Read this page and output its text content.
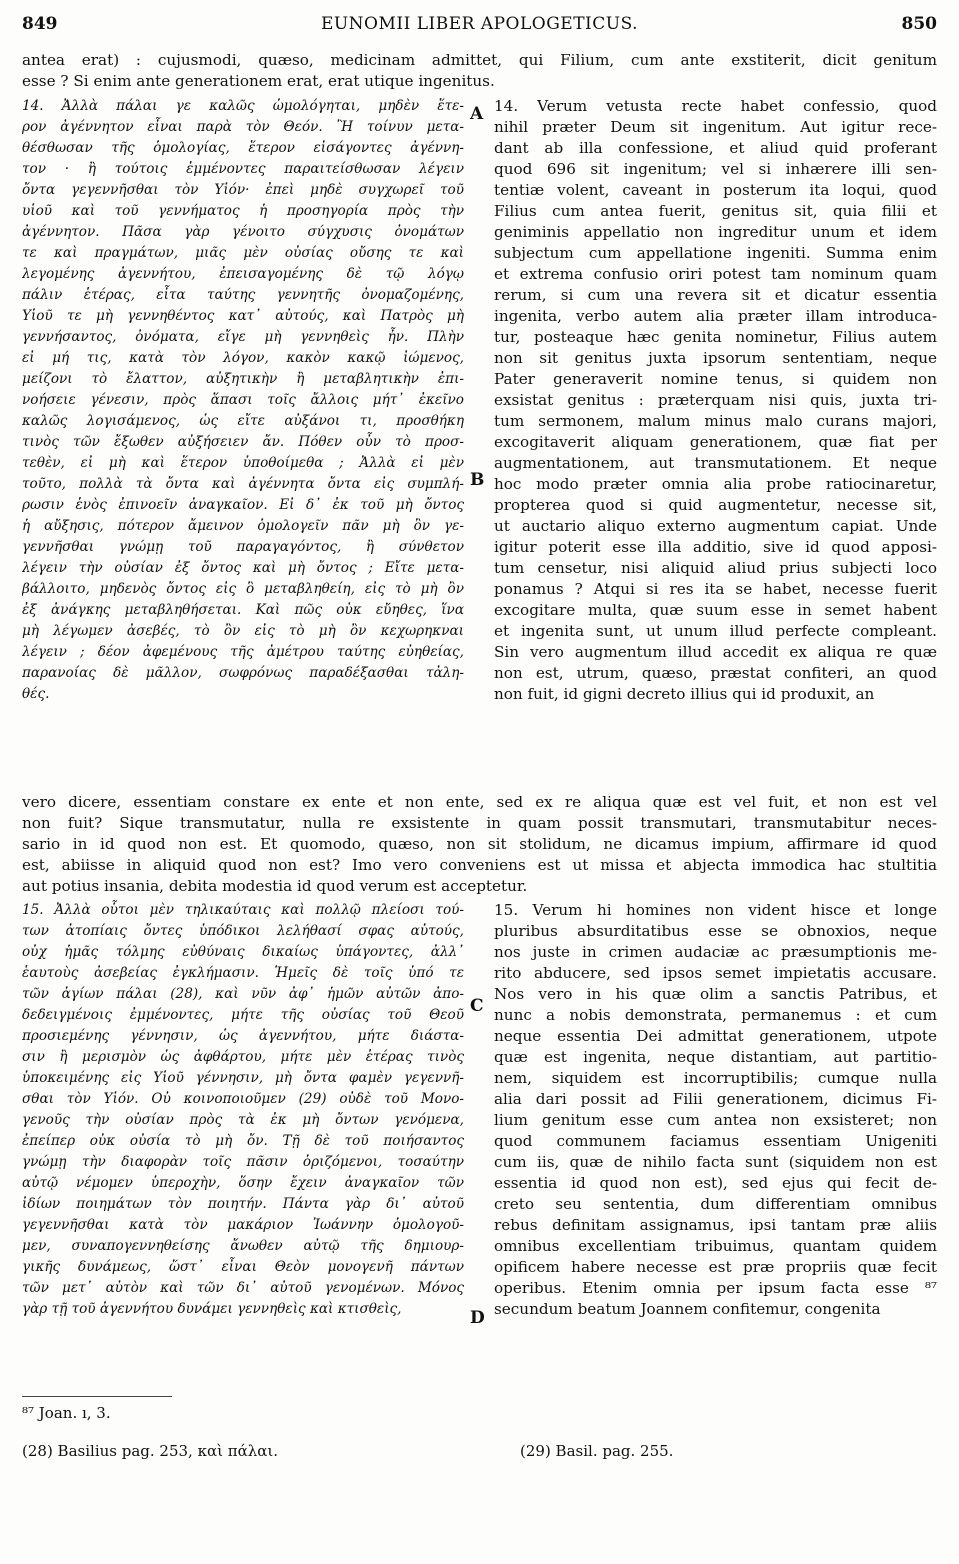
849	EUNOMII LIBER APOLOGETICUS.	850
antea erat) : cujusmodi, quæso, medicinam admittet, qui Filium, cum ante exstiterit, dicit genitum
esse ? Si enim ante generationem erat, erat utique ingenitus.
14. Ἀλλὰ πάλαι γε καλῶς ὡμολόγηται, μηδὲν ἕτε-
ρον ἀγέννητον εἶναι παρὰ τὸν Θεόν. Ἢ τοίνυν μετα-
θέσθωσαν τῆς ὁμολογίας, ἕτερον εἰσάγοντες ἀγέννη-
τον · ἢ τούτοις ἐμμένοντες παραιτείσθωσαν λέγειν
ὄντα γεγεννῆσθαι τὸν Υἱόν· ἐπεὶ μηδὲ συγχωρεῖ τοῦ
υἱοῦ καὶ τοῦ γεννήματος ἡ προσηγορία πρὸς τὴν
ἀγέννητον. Πᾶσα γὰρ γένοιτο σύγχυσις ὀνομάτων
τε καὶ πραγμάτων, μιᾶς μὲν οὐσίας οὔσης τε καὶ
λεγομένης ἀγεννήτου, ἐπεισαγομένης δὲ τῷ λόγῳ
πάλιν ἑτέρας, εἶτα ταύτης γεννητῆς ὀνομαζομένης,
Υἱοῦ τε μὴ γεννηθέντος κατ᾽ αὐτούς, καὶ Πατρὸς μὴ
γεννήσαντος, ὀνόματα, εἴγε μὴ γεννηθεὶς ἦν. Πλὴν
εἰ μή τις, κατὰ τὸν λόγον, κακὸν κακῷ ἰώμενος,
μείζονι τὸ ἔλαττον, αὐξητικὴν ἢ μεταβλητικὴν ἐπι-
νοήσειε γένεσιν, πρὸς ἅπασι τοῖς ἄλλοις μήτ᾽ ἐκεῖνο
καλῶς λογισάμενος, ὡς εἴτε αὐξάνοι τι, προσθήκη
τινὸς τῶν ἔξωθεν αὐξήσειεν ἄν. Πόθεν οὖν τὸ προσ-
τεθὲν, εἰ μὴ καὶ ἕτερον ὑποθοίμεθα ; Ἀλλὰ εἰ μὲν
τοῦτο, πολλὰ τὰ ὄντα καὶ ἀγέννητα ὄντα εἰς συμπλή-
ρωσιν ἑνὸς ἐπινοεῖν ἀναγκαῖον. Εἰ δ᾽ ἐκ τοῦ μὴ ὄντος
ἡ αὔξησις, πότερον ἄμεινον ὁμολογεῖν πᾶν μὴ ὂν γε-
γεννῆσθαι γνώμῃ τοῦ παραγαγόντος, ἢ σύνθετον
λέγειν τὴν οὐσίαν ἐξ ὄντος καὶ μὴ ὄντος ; Εἴτε μετα-
βάλλοιτο, μηδενὸς ὄντος εἰς ὃ μεταβληθείη, εἰς τὸ μὴ ὂν
ἐξ ἀνάγκης μεταβληθήσεται. Καὶ πῶς οὐκ εὔηθες, ἵνα
μὴ λέγωμεν ἀσεβές, τὸ ὂν εἰς τὸ μὴ ὂν κεχωρηκναι
λέγειν ; δέον ἀφεμένους τῆς ἀμέτρου ταύτης εὐηθείας,
παρανοίας δὲ μᾶλλον, σωφρόνως παραδέξασθαι τἀλη-
θές.
14. Verum vetusta recte habet confessio, quod
nihil præter Deum sit ingenitum. Aut igitur rece-
dant ab illa confessione, et aliud quid proferant
quod 696 sit ingenitum; vel si inhærere illi sen-
tentiæ volent, caveant in posterum ita loqui, quod
Filius cum antea fuerit, genitus sit, quia filii et
geniminis appellatio non ingreditur unum et idem
subjectum cum appellatione ingeniti. Summa enim
et extrema confusio oriri potest tam nominum quam
rerum, si cum una revera sit et dicatur essentia
ingenita, verbo autem alia præter illam introduca-
tur, posteaque hæc genita nominetur, Filius autem
non sit genitus juxta ipsorum sententiam, neque
Pater generaverit nomine tenus, si quidem non
exsistat genitus : præterquam nisi quis, juxta tri-
tum sermonem, malum minus malo curans majori,
excogitaverit aliquam generationem, quæ fiat per
augmentationem, aut transmutationem. Et neque
hoc modo præter omnia alia probe ratiocinaretur,
propterea quod si quid augmentetur, necesse sit,
ut auctario aliquo externo augmentum capiat. Unde
igitur poterit esse illa additio, sive id quod apposi-
tum censetur, nisi aliquid aliud prius subjecti loco
ponamus ? Atqui si res ita se habet, necesse fuerit
excogitare multa, quæ suum esse in semet habent
et ingenita sunt, ut unum illud perfecte compleant.
Sin vero augmentum illud accedit ex aliqua re quæ
non est, utrum, quæso, præstat confiteri, an quod
non fuit, id gigni decreto illius qui id produxit, an
A
B
C
D
vero dicere, essentiam constare ex ente et non ente, sed ex re aliqua quæ est vel fuit, et non est vel
non fuit? Sique transmutatur, nulla re exsistente in quam possit transmutari, transmutabitur neces-
sario in id quod non est. Et quomodo, quæso, non sit stolidum, ne dicamus impium, affirmare id quod
est, abiisse in aliquid quod non est? Imo vero conveniens est ut missa et abjecta immodica hac stultitia
aut potius insania, debita modestia id quod verum est acceptetur.
15. Ἀλλὰ οὗτοι μὲν τηλικαύταις καὶ πολλῷ πλείοσι τού-
των ἀτοπίαις ὄντες ὑπόδικοι λελήθασί σφας αὐτούς,
οὐχ ἡμᾶς τόλμης εὐθύναις δικαίως ὑπάγοντες, ἀλλ᾽
ἑαυτοὺς ἀσεβείας ἐγκλήμασιν. Ἡμεῖς δὲ τοῖς ὑπό τε
τῶν ἁγίων πάλαι (28), καὶ νῦν ἀφ᾽ ἡμῶν αὐτῶν ἀπο-
δεδειγμένοις ἐμμένοντες, μήτε τῆς οὐσίας τοῦ Θεοῦ
προσιεμένης γέννησιν, ὡς ἀγεννήτου, μήτε διάστα-
σιν ἢ μερισμὸν ὡς ἀφθάρτου, μήτε μὲν ἑτέρας τινὸς
ὑποκειμένης εἰς Υἱοῦ γέννησιν, μὴ ὄντα φαμὲν γεγεννῆ-
σθαι τὸν Υἱόν. Οὐ κοινοποιοῦμεν (29) οὐδὲ τοῦ Μονο-
γενοῦς τὴν οὐσίαν πρὸς τὰ ἐκ μὴ ὄντων γενόμενα,
ἐπείπερ οὐκ οὐσία τὸ μὴ ὄν. Τῇ δὲ τοῦ ποιήσαντος
γνώμῃ τὴν διαφορὰν τοῖς πᾶσιν ὁριζόμενοι, τοσαύτην
αὐτῷ νέμομεν ὑπεροχὴν, ὅσην ἔχειν ἀναγκαῖον τῶν
ἰδίων ποιημάτων τὸν ποιητήν. Πάντα γὰρ δι᾽ αὐτοῦ
γεγεννῆσθαι κατὰ τὸν μακάριον Ἰωάννην ὁμολογοῦ-
μεν, συναπογεννηθείσης ἄνωθεν αὐτῷ τῆς δημιουρ-
γικῆς δυνάμεως, ὥστ᾽ εἶναι Θεὸν μονογενῆ πάντων
τῶν μετ᾽ αὐτὸν καὶ τῶν δι᾽ αὐτοῦ γενομένων. Μόνος
γὰρ τῇ τοῦ ἀγεννήτου δυνάμει γεννηθεὶς καὶ κτισθεὶς,
15. Verum hi homines non vident hisce et longe
pluribus absurditatibus esse se obnoxios, neque
nos juste in crimen audaciæ ac præsumptionis me-
rito abducere, sed ipsos semet impietatis accusare.
Nos vero in his quæ olim a sanctis Patribus, et
nunc a nobis demonstrata, permanemus : et cum
neque essentia Dei admittat generationem, utpote
quæ est ingenita, neque distantiam, aut partitio-
nem, siquidem est incorruptibilis; cumque nulla
alia dari possit ad Filii generationem, dicimus Fi-
lium genitum esse cum antea non exsisteret; non
quod communem faciamus essentiam Unigeniti
cum iis, quæ de nihilo facta sunt (siquidem non est
essentia id quod non est), sed ejus qui fecit de-
creto seu sententia, dum differentiam omnibus
rebus definitam assignamus, ipsi tantam præ aliis
omnibus excellentiam tribuimus, quantam quidem
opificem habere necesse est præ propriis quæ fecit
operibus. Etenim omnia per ipsum facta esse ⁸⁷
secundum beatum Joannem confitemur, congenita
⁸⁷ Joan. ı, 3.
(28) Basilius pag. 253, καὶ πάλαι.	(29) Basil. pag. 255.
